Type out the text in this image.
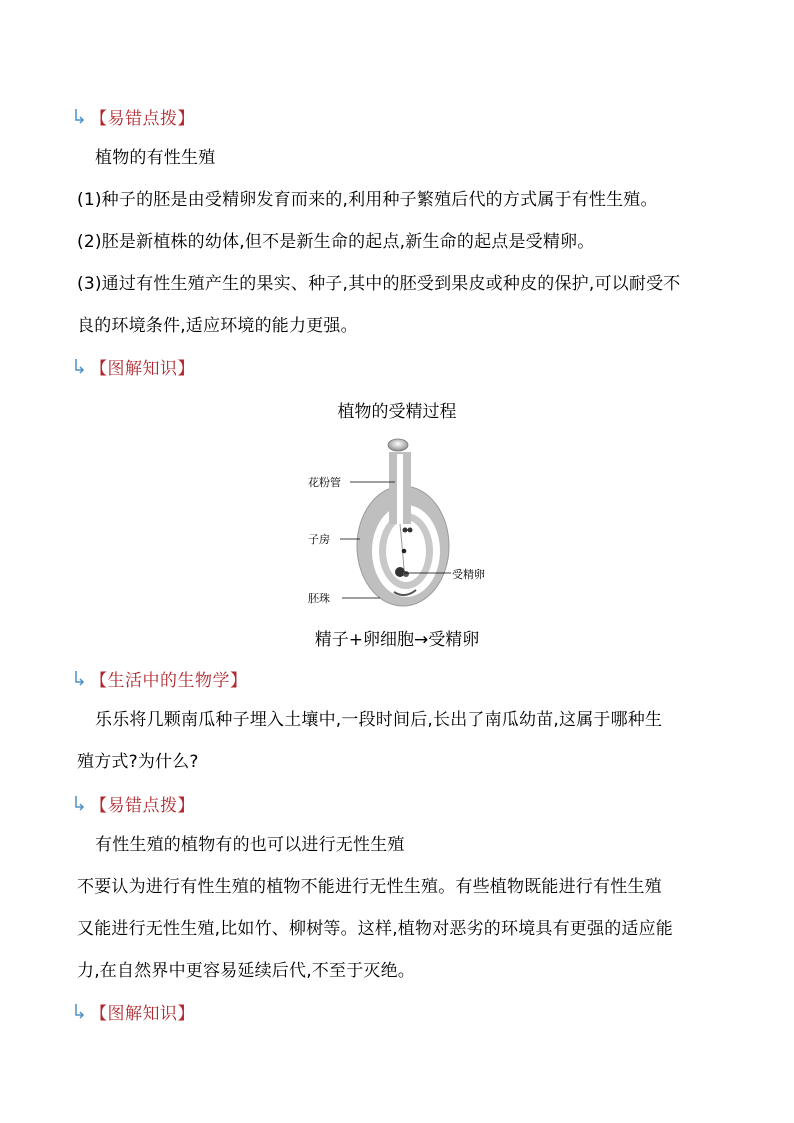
【 易错点拨 】
植物的有性生殖
(1)种子的胚是由受精卵发育而来的,利用种子繁殖后代的方式属于有性生殖。
(2)胚是新植株的幼体,但不是新生命的起点,新生命的起点是受精卵。
(3)通过有性生殖产生的果实、种子,其中的胚受到果皮或种皮的保护,可以耐受不
良的环境条件,适应环境的能力更强。
【 图解知识 】
植物的受精过程
花粉管
子房
胚珠
受精卵
精子+卵细胞→受精卵
【 生活中的生物学 】
乐乐将几颗南瓜种子埋入土壤中,一段时间后,长出了南瓜幼苗,这属于哪种生
殖方式?为什么?
【 易错点拨 】
有性生殖的植物有的也可以进行无性生殖
不要认为进行有性生殖的植物不能进行无性生殖。有些植物既能进行有性生殖
又能进行无性生殖,比如竹、柳树等。这样,植物对恶劣的环境具有更强的适应能
力,在自然界中更容易延续后代,不至于灭绝。
【 图解知识 】
